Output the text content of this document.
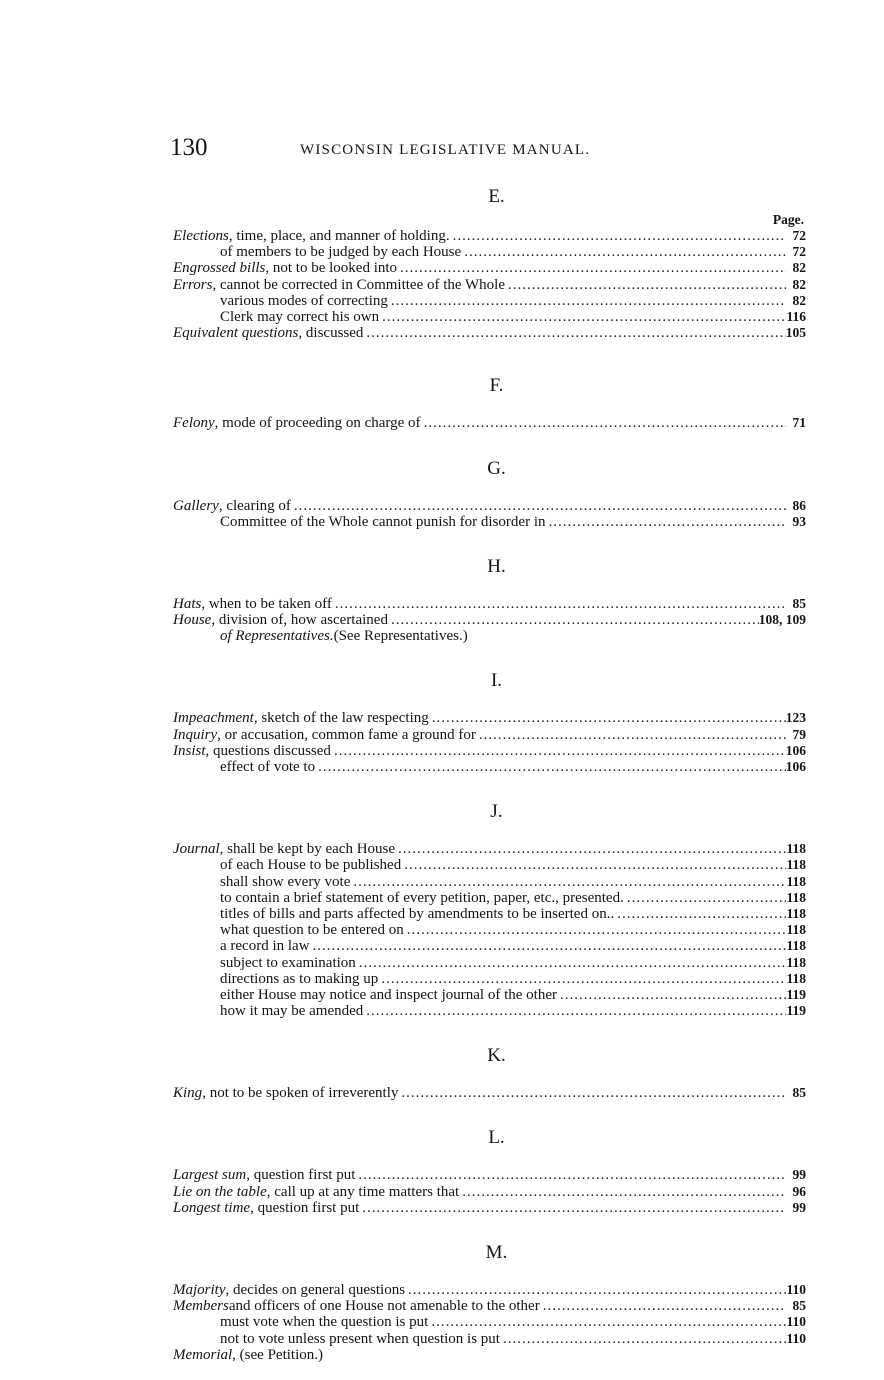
130	WISCONSIN LEGISLATIVE MANUAL.
E.
Page.
Elections , time, place, and manner of holding. .....	72
of members to be judged by each House .....	72
Engrossed bills , not to be looked into .....	82
Errors , cannot be corrected in Committee of the Whole .....	82
various modes of correcting .....	82
Clerk may correct his own .....	116
Equivalent questions , discussed .....	105
F.
Felony , mode of proceeding on charge of .....	71
G.
Gallery , clearing of .....	86
Committee of the Whole cannot punish for disorder in .....	93
H.
Hats , when to be taken off .....	85
House , division of, how ascertained .....	108, 109
of Representatives. (See Representatives.)
I.
Impeachment , sketch of the law respecting .....	123
Inquiry , or accusation, common fame a ground for .....	79
Insist , questions discussed .....	106
effect of vote to .....	106
J.
Journal , shall be kept by each House .....	118
of each House to be published .....	118
shall show every vote .....	118
to contain a brief statement of every petition, paper, etc., presented. .....	118
titles of bills and parts affected by amendments to be inserted on.. .....	118
what question to be entered on .....	118
a record in law .....	118
subject to examination .....	118
directions as to making up .....	118
either House may notice and inspect journal of the other .....	119
how it may be amended .....	119
K.
King , not to be spoken of irreverently .....	85
L.
Largest sum , question first put .....	99
Lie on the table , call up at any time matters that .....	96
Longest time , question first put .....	99
M.
Majority , decides on general questions .....	110
Members and officers of one House not amenable to the other .....	85
must vote when the question is put .....	110
not to vote unless present when question is put .....	110
Memorial , (see Petition.)
